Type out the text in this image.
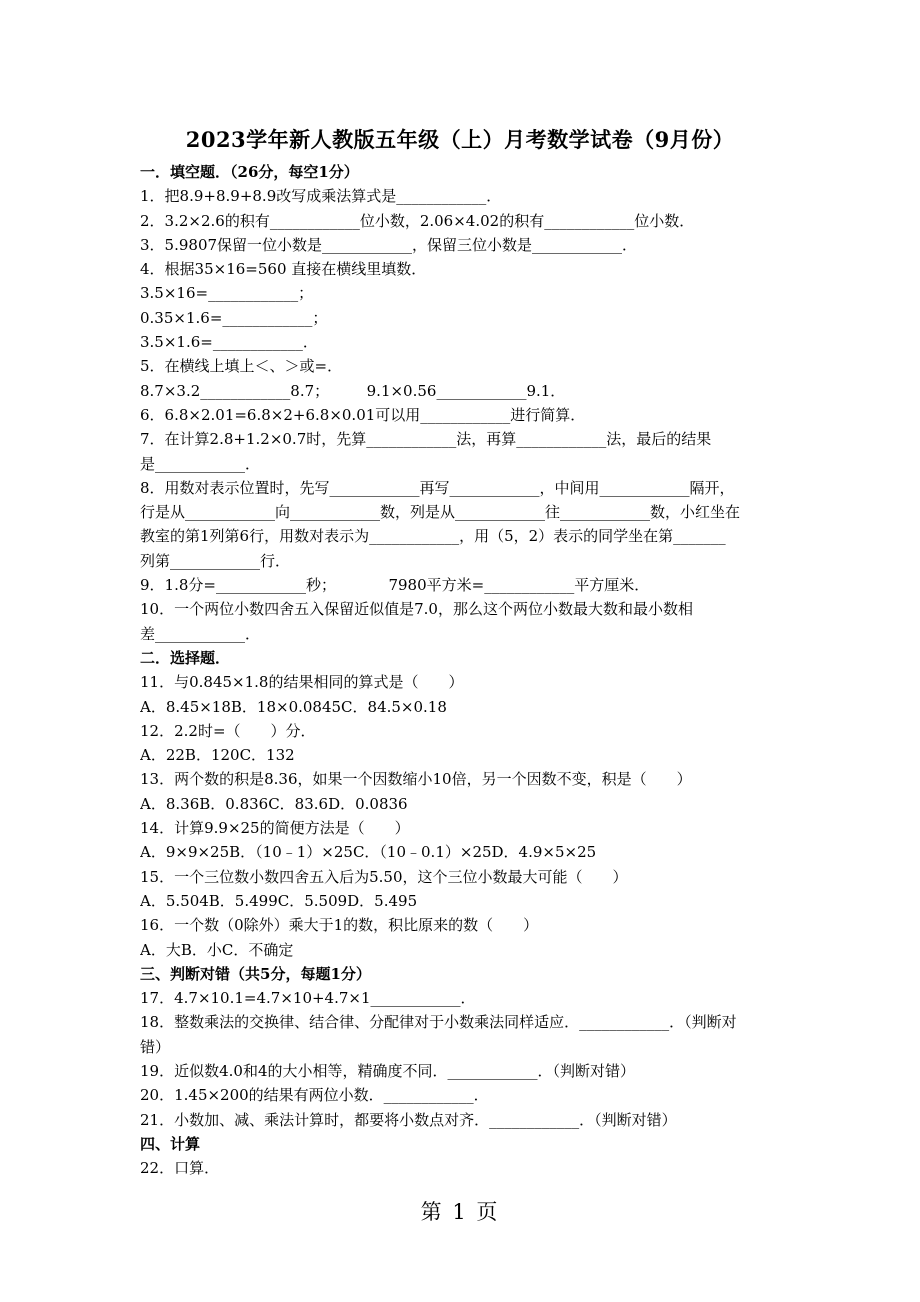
2023学年新人教版五年级（上）月考数学试卷（9月份）
一．填空题．（26分，每空1分）
1．把8.9+8.9+8.9改写成乘法算式是____________．
2．3.2×2.6的积有____________位小数，2.06×4.02的积有____________位小数．
3．5.9807保留一位小数是____________，保留三位小数是____________．
4．根据35×16=560 直接在横线里填数．
3.5×16=____________；
0.35×1.6=____________；
3.5×1.6=____________．
5．在横线上填上＜、＞或=．
8.7×3.2____________8.7；　　　9.1×0.56____________9.1．
6．6.8×2.01=6.8×2+6.8×0.01可以用____________进行简算．
7．在计算2.8+1.2×0.7时，先算____________法，再算____________法，最后的结果
是____________．
8．用数对表示位置时，先写____________再写____________，中间用____________隔开，
行是从____________向____________数，列是从____________往____________数，小红坐在
教室的第1列第6行，用数对表示为____________，用（5，2）表示的同学坐在第_______
列第____________行．
9．1.8分=____________秒；　　　　7980平方米=____________平方厘米．
10．一个两位小数四舍五入保留近似值是7.0，那么这个两位小数最大数和最小数相
差____________．
二．选择题．
11．与0.845×1.8的结果相同的算式是（　　）
A．8.45×18B．18×0.0845C．84.5×0.18
12．2.2时=（　　）分．
A．22B．120C．132
13．两个数的积是8.36，如果一个因数缩小10倍，另一个因数不变，积是（　　）
A．8.36B．0.836C．83.6D．0.0836
14．计算9.9×25的简便方法是（　　）
A．9×9×25B．（10﹣1）×25C．（10﹣0.1）×25D．4.9×5×25
15．一个三位数小数四舍五入后为5.50，这个三位小数最大可能（　　）
A．5.504B．5.499C．5.509D．5.495
16．一个数（0除外）乘大于1的数，积比原来的数（　　）
A．大B．小C．不确定
三、判断对错（共5分，每题1分）
17．4.7×10.1=4.7×10+4.7×1____________．
18．整数乘法的交换律、结合律、分配律对于小数乘法同样适应．____________．（判断对
错）
19．近似数4.0和4的大小相等，精确度不同．____________．（判断对错）
20．1.45×200的结果有两位小数．____________．
21．小数加、减、乘法计算时，都要将小数点对齐．____________．（判断对错）
四、计算
22．口算．
第 1 页
